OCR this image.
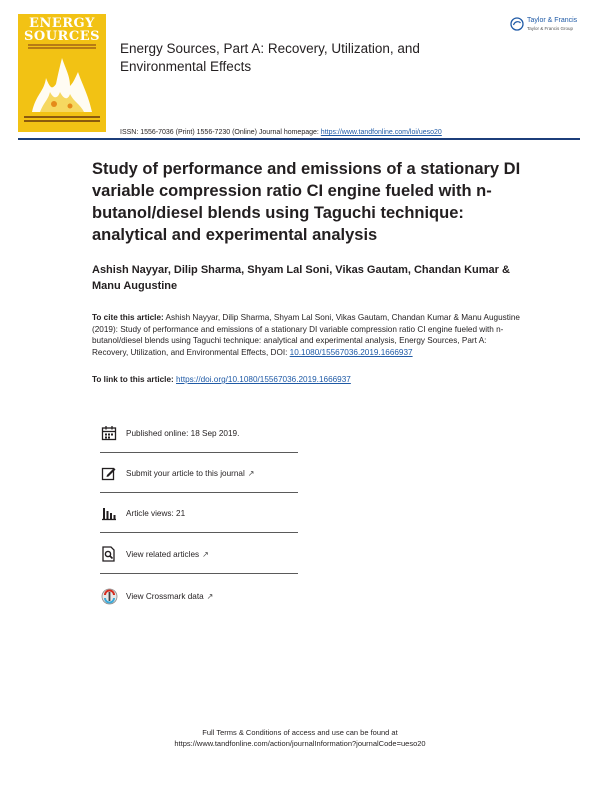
ENERGY
SOURCES
Energy Sources, Part A: Recovery, Utilization, and Environmental Effects
Taylor & Francis
Taylor & Francis Group
ISSN: 1556-7036 (Print) 1556-7230 (Online) Journal homepage: https://www.tandfonline.com/loi/ueso20
Study of performance and emissions of a stationary DI variable compression ratio CI engine fueled with n-butanol/diesel blends using Taguchi technique: analytical and experimental analysis
Ashish Nayyar, Dilip Sharma, Shyam Lal Soni, Vikas Gautam, Chandan Kumar & Manu Augustine
To cite this article: Ashish Nayyar, Dilip Sharma, Shyam Lal Soni, Vikas Gautam, Chandan Kumar & Manu Augustine (2019): Study of performance and emissions of a stationary DI variable compression ratio CI engine fueled with n-butanol/diesel blends using Taguchi technique: analytical and experimental analysis, Energy Sources, Part A: Recovery, Utilization, and Environmental Effects, DOI: 10.1080/15567036.2019.1666937
To link to this article: https://doi.org/10.1080/15567036.2019.1666937
Published online: 18 Sep 2019.
Submit your article to this journal ↗
Article views: 21
View related articles ↗
View Crossmark data ↗
Full Terms & Conditions of access and use can be found at
https://www.tandfonline.com/action/journalInformation?journalCode=ueso20
